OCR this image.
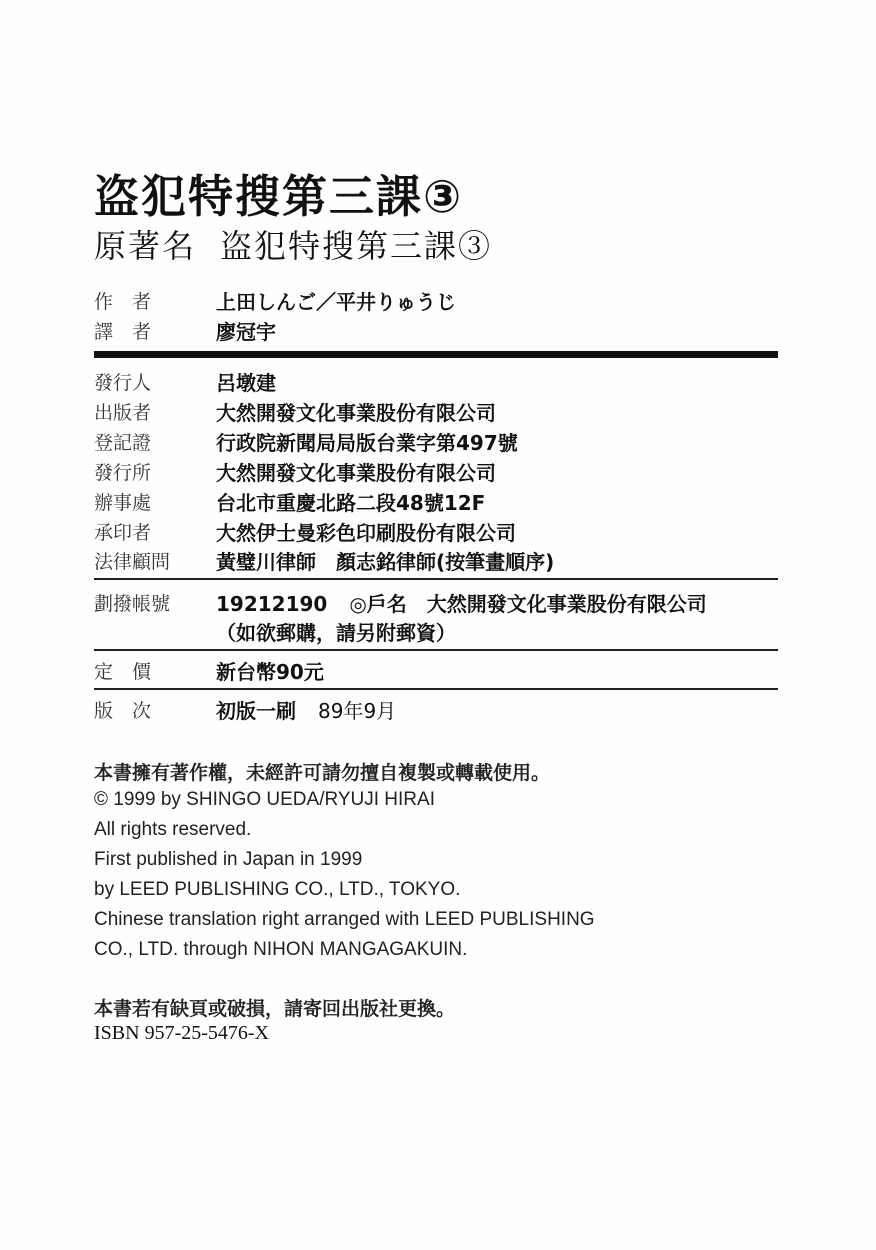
盗犯特搜第三課③
原著名 盗犯特搜第三課③
作　者	上田しんご／平井りゅうじ
譯　者	廖冠宇
發行人	呂墩建
出版者	大然開發文化事業股份有限公司
登記證	行政院新聞局局版台業字第497號
發行所	大然開發文化事業股份有限公司
辦事處	台北市重慶北路二段48號12F
承印者	大然伊士曼彩色印刷股份有限公司
法律顧問	黃璧川律師　顏志銘律師(按筆畫順序)
劃撥帳號	19212190 ◎戶名　大然開發文化事業股份有限公司
（如欲郵購，請另附郵資）
定　價	新台幣90元
版　次	初版一刷 89年9月
本書擁有著作權，未經許可請勿擅自複製或轉載使用。
© 1999 by SHINGO UEDA/RYUJI HIRAI
All rights reserved.
First published in Japan in 1999
by LEED PUBLISHING CO., LTD., TOKYO.
Chinese translation right arranged with LEED PUBLISHING
CO., LTD. through NIHON MANGAGAKUIN.
本書若有缺頁或破損，請寄回出版社更換。
ISBN 957-25-5476-X
